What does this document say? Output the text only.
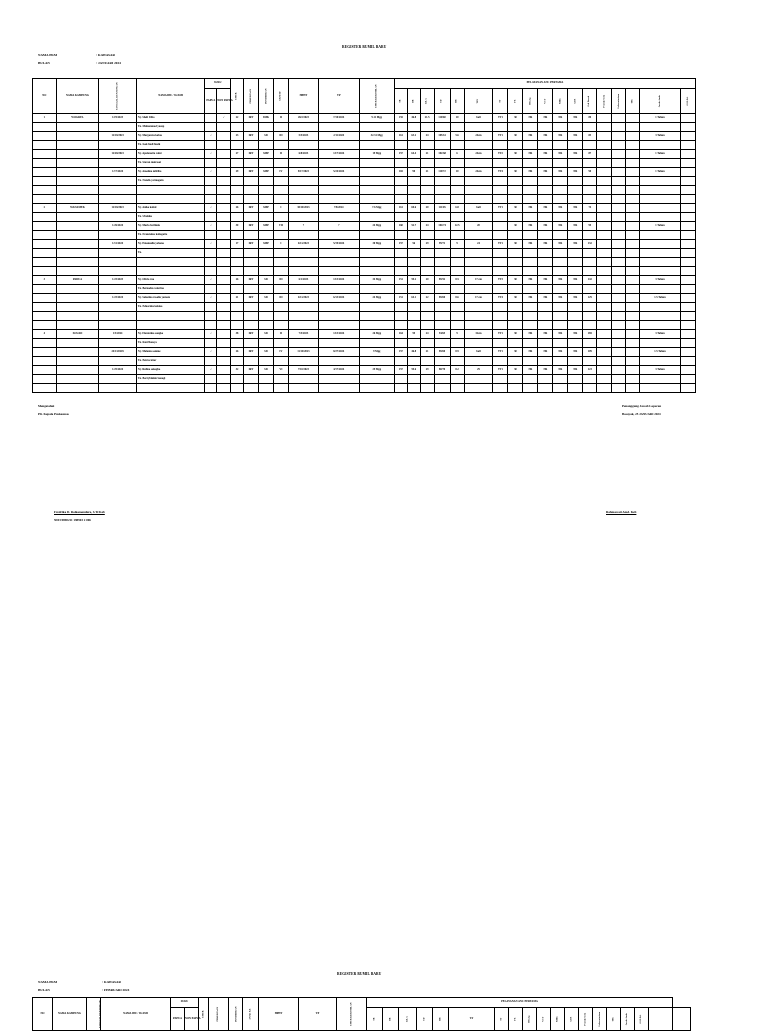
REGISTER BUMIL BARU
NAMA PKM	: KAWASAR
BULAN	: JANUARI 2024
NO	NAMA KAMPUNG	TANGGAL KUNJUNGAN	NAMA IBU / SUAMI	SUKU		UMUR	PEKERJAAN	PENDIDIKAN	GRAVID	HPHT	TP	UMUR KEHAMILAN	PELAYANAN ANC PERTAMA																	
				PAPUA	NON PAPUA								TB	BB	LILA	TD	HB	TFU	TT	FE	HbsAg	VCT	Sifilis	GDS	Gol Darah	Protein Urin	Laboratorium	TBC	Jarak Anak	GOLDA
1	WOGREL	12/9/2023	Ny. Sheli Iriba		√	22	IRT	SMK	II	28/2/2023	7/10/2024	9.11 Mgg	155	46.8	21.5	110/60	10	ball	TT1	30	NR	NR	NR	NR	80				1 Tahun	
			Tn. Muhammad yusup																											
		12/18/2023	Ny. Margareta kabes	√		23	IRT	SD	III	5/5/2023	2/11/2024	32.31 Mgg	161	63.2	24	105/61	5.6	24cm	TT1	30	NR	NR	NR	NR	83				3 Tahun	
			Tn. Isak budi busik																											
		12/28/2023	Ny. Apolonaria wimi	√		27	IRT	SMP	II	6/8/2023	13/7/2024	19 Mgg	157	64.4	21	102/68	6	24cm	TT2	30	NR	NR	NR	NR	87				1 Tahun	
			Tn. Stevan mairasai																											
		1/17/2024	Ny. Anselma mliriba	√		29	IRT	SMP	IV	8/17/2023	5/24/2024		165	90	21	110/72	10	24cm	TT4	30	NR	NR	NR	NR	90				1 Tahun	
			Tn. Natalis yermogoin																											

2	WANAMEK	12/18/2023	Ny. Anike kabul	√		26	IRT	SMP	I	30/10/2023	7/8/2024	7.6 Mgg	161	60.6	20	111/65	6.8	ball	TT1	30	NR	NR	NR	NR	74					
			Tn. Ubaldus																											
		1/26/2024	Ny. Maria berlinda	√		30	IRT	SMP	VII	?	?	24 Mgg	160	52.7	24	104/74	12.5	20		30	NR	NR	NR	NR	99				1 Tahun	
			Tn. Fransiskus kabagaire																											
		1/12/2024	Ny. Emanuella yohana	√		17	IRT	SMP	I	6/11/2023	5/19/2024	30 Mgg	157	56	29	99/71	9	24	TT1	30	NR	NR	NR	NR	132					
			Tn.																											

3	PADUA	1/23/2023	Ny. Olivia rua	√		26	IRT	SD	III	6/1/2023	13/3/2024	34 Mgg	151	59.2	20	89/52	8.5	17 cm	TT3	30	NR	NR	NR	NR	142				3 Tahun	
			Tn. Bernadus wakrina																											
		1/23/2024	Ny. Selestina rosalia yamate	√		21	IRT	SD	III	6/11/2023	6/13/2024	24 Mgg	151	64.1	22	89/60	8.6	17 cm	TT4	30	NR	NR	NR	NR	129				1.5 Tahun	
			Tn. Eduardus kolaka																											

4	ZOUAD	1/3/2024	Ny. Florentina sangka	√		38	IRT	SD	II	7/5/2023	13/3/2024	26 Mgg	164	59	24	94/65	9	32cm	TT1	30	NR	NR	NR	NR	185				3 Tahun	
			Tn. Kurrfiansya																											
		24/1/20245	Ny. Melania samme	√		26	IRT	SD	IV	11/10/2023	8/27/2024	9 Mgg	157	46.8	21	89/60	8.9	ball	TT1	30	NR	NR	NR	NR	109				1.5 Tahun	
			Tn. Petrus kitar																											
		1/25/2024	Ny. Rufina sekogha	√		32	IRT	SD	VI	7/10/2023	4/17/2024	29 Mgg	157	59.6	29	88/70	8.2	29	TT1	30	NR	NR	NR	NR	123				3 Tahun	
			Tn. Barrybinkin Sanagi																											

Mengetahui
Plt. Kepala Puskesmas
Penanggung Jawab Laporan
Bosayak, 25 JANUARI 2024
Fredrika D. Roikamendure, S.Tr.Keb
NIP.19890211 198903 2 006
Rahmawati Amd. Keb
REGISTER BUMIL BARU
NAMA PKM	: KAWASAR
BULAN	: FEBRUARI 2024
NO	NAMA KAMPUNG	TANGGAL KUNJUNGAN	NAMA IBU / SUAMI	SUKU		UMUR	PEKERJAAN	PENDIDIKAN	ANAK KE	HPHT	TP	UMUR KEHAMILAN	PELAYANAN ANC PERTAMA																		
				PAPUA	NON PAPUA								TB	BB	LILA	TD	HB	TF	TT	FE	HbsAg	VCT	Sifilis	GDS	Protein Urin	Laboratorium	TBC	Jarak Anak	GOLDA		
